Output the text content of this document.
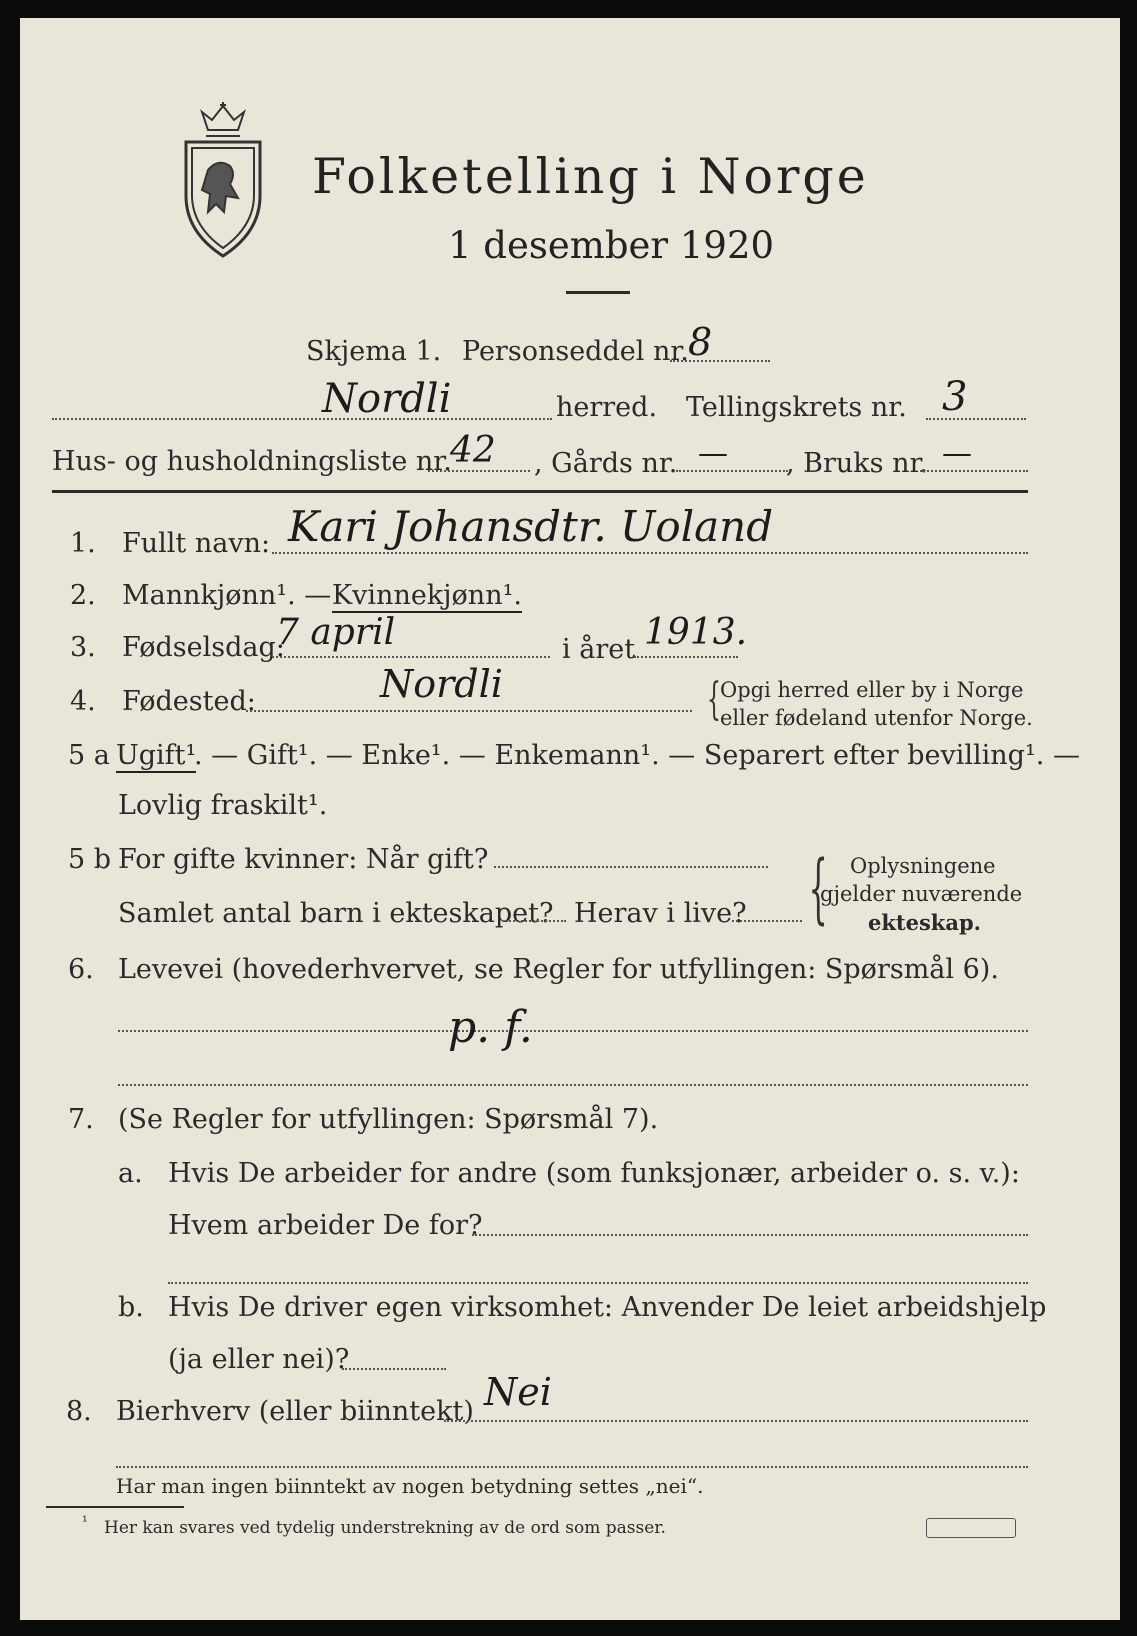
Folketelling i Norge
1 desember 1920
Skjema 1. Personseddel nr. 8
Nordli	herred. Tellingskrets nr. 3
Hus- og husholdningsliste nr.
42 , Gårds nr. — , Bruks nr. —
1. Fullt navn: Kari Johansdtr. Uoland
2. Mannkjønn¹. — Kvinnekjønn¹.
3. Fødselsdag:
7 april	i året 1913.
4. Fødested:	Nordli	{ Opgi herred eller by i Norge
eller fødeland utenfor Norge.
5 a Ugift¹
. — Gift¹. — Enke¹. — Enkemann¹. — Separert efter bevilling¹. —
Lovlig fraskilt¹.
5 b For gifte kvinner: Når gift?
Samlet antal barn i ekteskapet? Herav i live? { Oplysningene
gjelder nuværende
ekteskap.
6. Levevei (hovederhvervet, se Regler for utfyllingen: Spørsmål 6).
p. f.
7. (Se Regler for utfyllingen: Spørsmål 7).
a. Hvis De arbeider for andre (som funksjonær, arbeider o. s. v.):
Hvem arbeider De for?
b. Hvis De driver egen virksomhet: Anvender De leiet arbeidshjelp
(ja eller nei)?
8. Bierhverv (eller biinntekt) Nei
Har man ingen biinntekt av nogen betydning settes „nei“.
¹ Her kan svares ved tydelig understrekning av de ord som passer.
